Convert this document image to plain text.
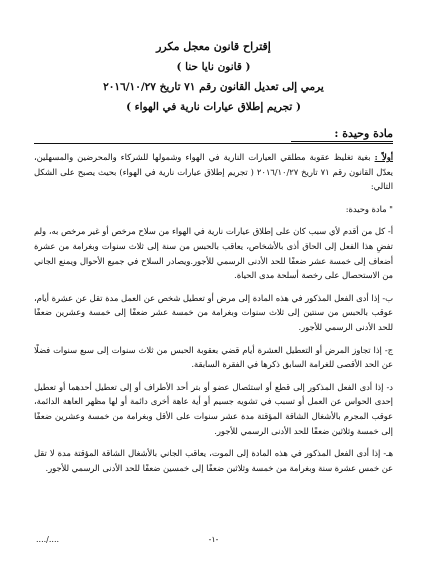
إقتراح قانون معجل مكرر
( قانون نايا حنا )
يرمي إلى تعديل القانون رقم ٧١ تاريخ ٢٠١٦/١٠/٢٧
( تجريم إطلاق عيارات نارية في الهواء )
مادة وحيدة :

أولاً : بغية تغليظ عقوبة مطلقي العيارات النارية في الهواء وشمولها للشركاء والمحرضين والمسهلين، يعدّل القانون رقم ٧١ تاريخ ٢٠١٦/١٠/٢٧ ( تجريم إطلاق عيارات نارية في الهواء) بحيث يصبح على الشكل التالي:

" مادة وحيدة:

أ- كل من أقدم لأي سبب كان على إطلاق عيارات نارية في الهواء من سلاح مرخص أو غير مرخص به، ولم تفضِ هذا الفعل إلى الحاق أذى بالأشخاص، يعاقب بالحبس من سنة إلى ثلاث سنوات وبغرامة من عشرة أضعاف إلى خمسة عشر ضعفًا للحد الأدنى الرسمي للأجور.ويصادر السلاح في جميع الأحوال ويمنع الجاني من الاستحصال على رخصة أسلحة مدى الحياة.

ب- إذا أدى الفعل المذكور في هذه المادة إلى مرض أو تعطيل شخص عن العمل مدة تقل عن عشرة أيام، عوقب بالحبس من سنتين إلى ثلاث سنوات وبغرامة من خمسة عشر ضعفًا إلى خمسة وعشرين ضعفًا للحد الأدنى الرسمي للأجور.

ج- إذا تجاوز المرض أو التعطيل العشرة أيام قضي بعقوبة الحبس من ثلاث سنوات إلى سبع سنوات فضلًا عن الحد الأقصى للغرامة السابق ذكرها في الفقرة السابقة.

د- إذا أدى الفعل المذكور إلى قطع أو استئصال عضو أو بتر أحد الأطراف أو إلى تعطيل أحدهما أو تعطيل إحدى الحواس عن العمل أو تسبب في تشويه جسيم أو أية عاهة أخرى دائمة أو لها مظهر العاهة الدائمة، عوقب المجرم بالأشغال الشاقة المؤقتة مدة عشر سنوات على الأقل وبغرامة من خمسة وعشرين ضعفًا إلى خمسة وثلاثين ضعفًا للحد الأدنى الرسمي للأجور.

هـ- إذا أدى الفعل المذكور في هذه المادة إلى الموت، يعاقب الجاني بالأشغال الشاقة المؤقتة مدة لا تقل عن خمس عشرة سنة وبغرامة من خمسة وثلاثين ضعفًا إلى خمسين ضعفًا للحد الأدنى الرسمي للأجور.

-١-
..../....
